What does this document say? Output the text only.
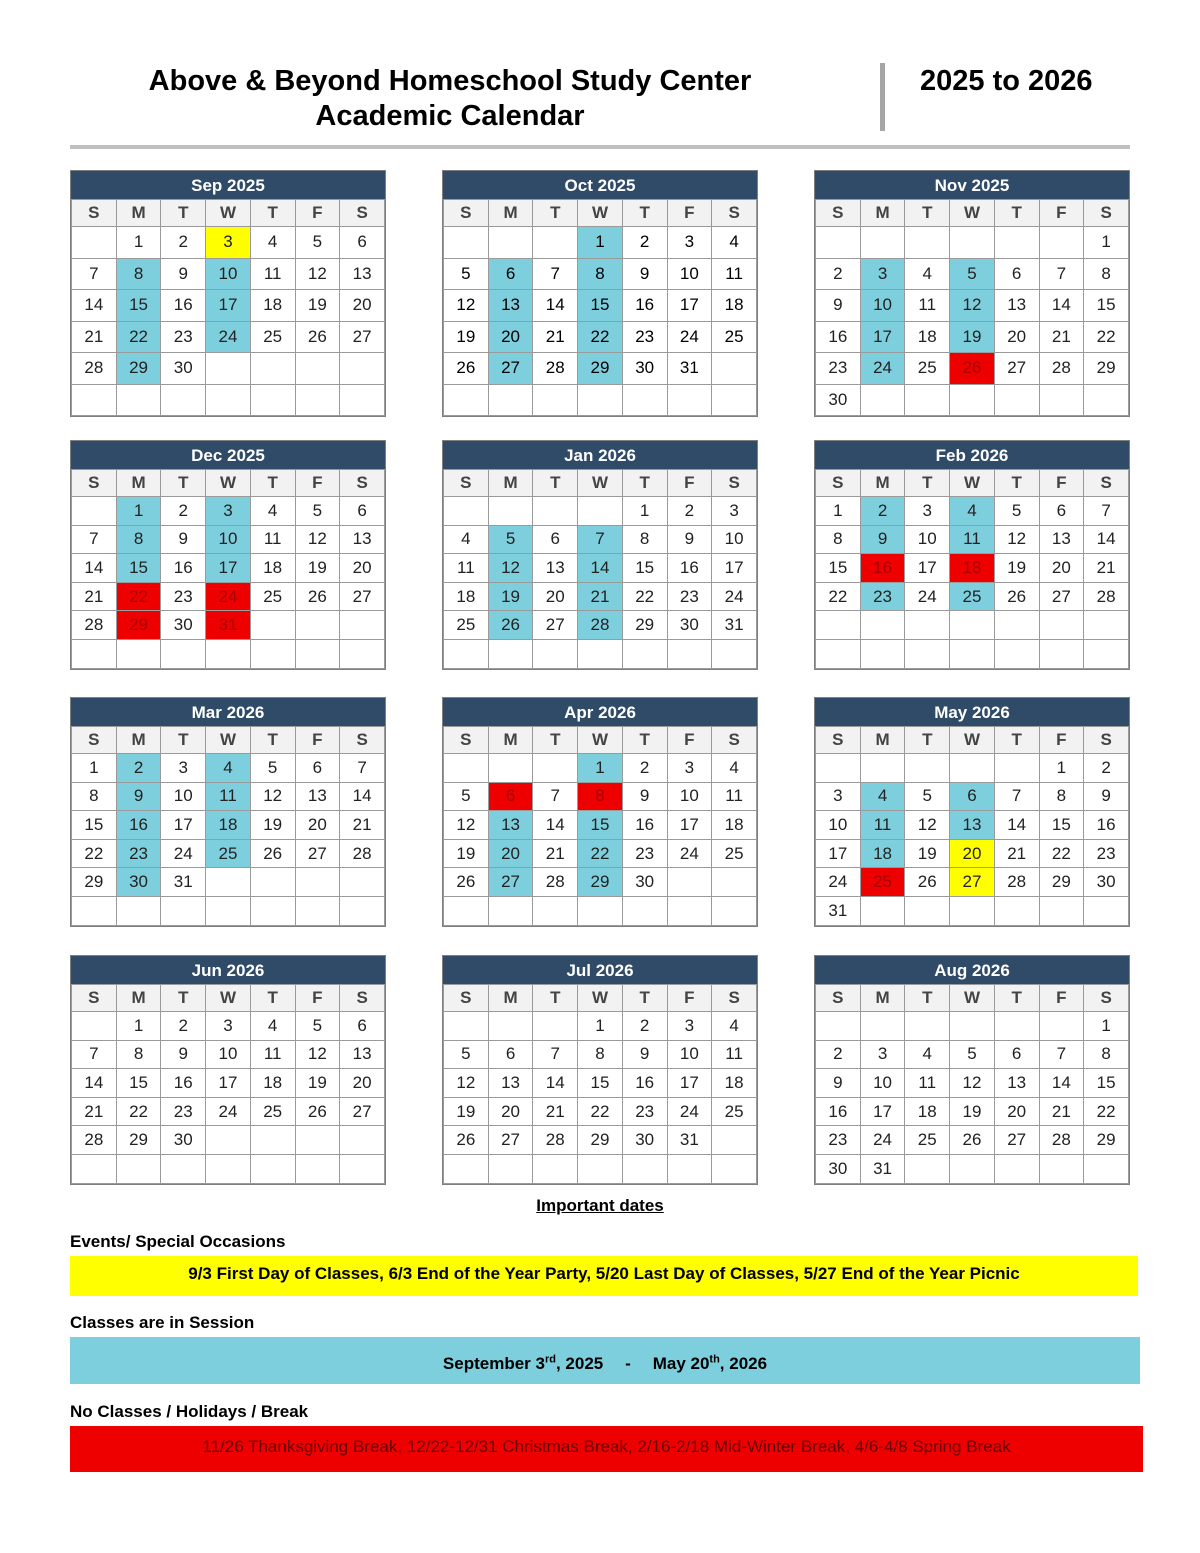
Above & Beyond Homeschool Study Center
Academic Calendar
2025 to 2026
Sep 2025
S	M	T	W	T	F	S
	1	2	3	4	5	6
7	8	9	10	11	12	13
14	15	16	17	18	19	20
21	22	23	24	25	26	27
28	29	30				

Oct 2025
S	M	T	W	T	F	S
			1	2	3	4
5	6	7	8	9	10	11
12	13	14	15	16	17	18
19	20	21	22	23	24	25
26	27	28	29	30	31	

Nov 2025
S	M	T	W	T	F	S
						1
2	3	4	5	6	7	8
9	10	11	12	13	14	15
16	17	18	19	20	21	22
23	24	25	26	27	28	29
30						
Dec 2025
S	M	T	W	T	F	S
	1	2	3	4	5	6
7	8	9	10	11	12	13
14	15	16	17	18	19	20
21	22	23	24	25	26	27
28	29	30	31			

Jan 2026
S	M	T	W	T	F	S
				1	2	3
4	5	6	7	8	9	10
11	12	13	14	15	16	17
18	19	20	21	22	23	24
25	26	27	28	29	30	31

Feb 2026
S	M	T	W	T	F	S
1	2	3	4	5	6	7
8	9	10	11	12	13	14
15	16	17	18	19	20	21
22	23	24	25	26	27	28

Mar 2026
S	M	T	W	T	F	S
1	2	3	4	5	6	7
8	9	10	11	12	13	14
15	16	17	18	19	20	21
22	23	24	25	26	27	28
29	30	31				

Apr 2026
S	M	T	W	T	F	S
			1	2	3	4
5	6	7	8	9	10	11
12	13	14	15	16	17	18
19	20	21	22	23	24	25
26	27	28	29	30		

May 2026
S	M	T	W	T	F	S
					1	2
3	4	5	6	7	8	9
10	11	12	13	14	15	16
17	18	19	20	21	22	23
24	25	26	27	28	29	30
31						
Jun 2026
S	M	T	W	T	F	S
	1	2	3	4	5	6
7	8	9	10	11	12	13
14	15	16	17	18	19	20
21	22	23	24	25	26	27
28	29	30				

Jul 2026
S	M	T	W	T	F	S
			1	2	3	4
5	6	7	8	9	10	11
12	13	14	15	16	17	18
19	20	21	22	23	24	25
26	27	28	29	30	31	

Aug 2026
S	M	T	W	T	F	S
						1
2	3	4	5	6	7	8
9	10	11	12	13	14	15
16	17	18	19	20	21	22
23	24	25	26	27	28	29
30	31					
Important dates
Events/ Special Occasions
9/3 First Day of Classes, 6/3 End of the Year Party, 5/20 Last Day of Classes, 5/27 End of the Year Picnic
Classes are in Session
September 3rd, 2025 - May 20th, 2026
No Classes / Holidays / Break
11/26 Thanksgiving Break, 12/22-12/31 Christmas Break, 2/16-2/18 Mid-Winter Break, 4/6-4/8 Spring Break
